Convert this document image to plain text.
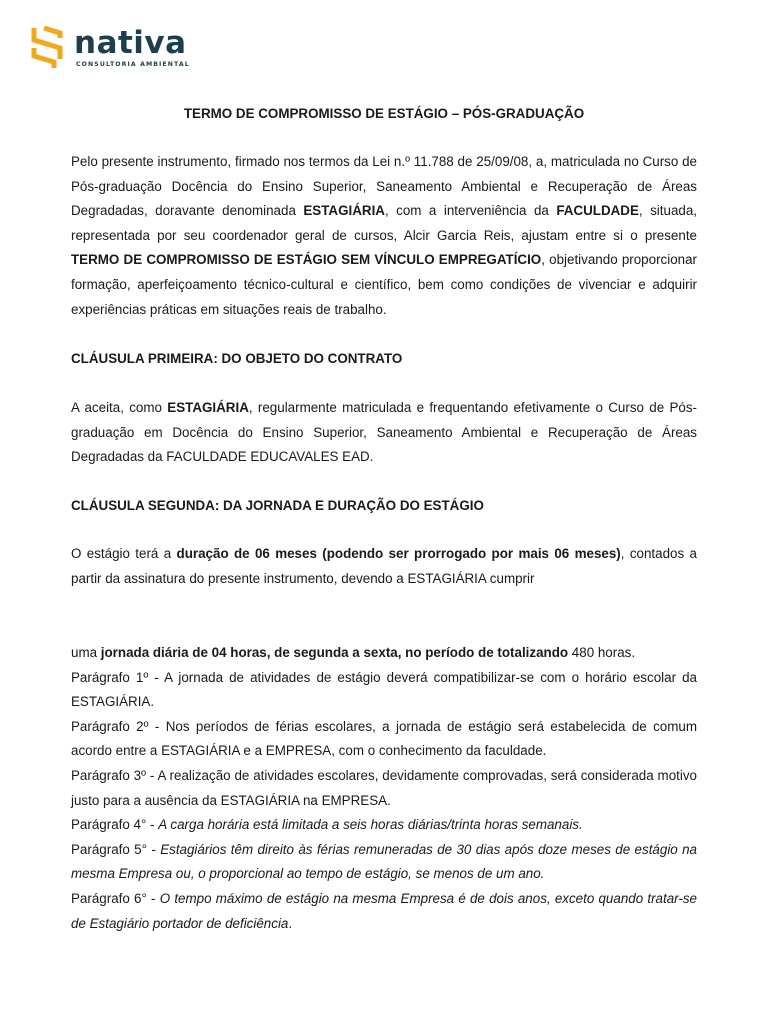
nativa
CONSULTORIA AMBIENTAL
TERMO DE COMPROMISSO DE ESTÁGIO – PÓS-GRADUAÇÃO

Pelo presente instrumento, firmado nos termos da Lei n.º 11.788 de 25/09/08, a, matriculada no Curso de Pós-graduação Docência do Ensino Superior, Saneamento Ambiental e Recuperação de Áreas Degradadas, doravante denominada ESTAGIÁRIA, com a interveniência da FACULDADE, situada, representada por seu coordenador geral de cursos, Alcir Garcia Reis, ajustam entre si o presente TERMO DE COMPROMISSO DE ESTÁGIO SEM VÍNCULO EMPREGATÍCIO, objetivando proporcionar formação, aperfeiçoamento técnico-cultural e científico, bem como condições de vivenciar e adquirir experiências práticas em situações reais de trabalho.

CLÁUSULA PRIMEIRA: DO OBJETO DO CONTRATO

A aceita, como ESTAGIÁRIA, regularmente matriculada e frequentando efetivamente o Curso de Pós-graduação em Docência do Ensino Superior, Saneamento Ambiental e Recuperação de Áreas Degradadas da FACULDADE EDUCAVALES EAD.

CLÁUSULA SEGUNDA: DA JORNADA E DURAÇÃO DO ESTÁGIO

O estágio terá a duração de 06 meses (podendo ser prorrogado por mais 06 meses), contados a partir da assinatura do presente instrumento, devendo a ESTAGIÁRIA cumprir

uma jornada diária de 04 horas, de segunda a sexta, no período de totalizando 480 horas.

Parágrafo 1º - A jornada de atividades de estágio deverá compatibilizar-se com o horário escolar da ESTAGIÁRIA.

Parágrafo 2º - Nos períodos de férias escolares, a jornada de estágio será estabelecida de comum acordo entre a ESTAGIÁRIA e a EMPRESA, com o conhecimento da faculdade.

Parágrafo 3º - A realização de atividades escolares, devidamente comprovadas, será considerada motivo justo para a ausência da ESTAGIÁRIA na EMPRESA.

Parágrafo 4° - A carga horária está limitada a seis horas diárias/trinta horas semanais.

Parágrafo 5° - Estagiários têm direito às férias remuneradas de 30 dias após doze meses de estágio na mesma Empresa ou, o proporcional ao tempo de estágio, se menos de um ano.

Parágrafo 6° - O tempo máximo de estágio na mesma Empresa é de dois anos, exceto quando tratar-se de Estagiário portador de deficiência.
